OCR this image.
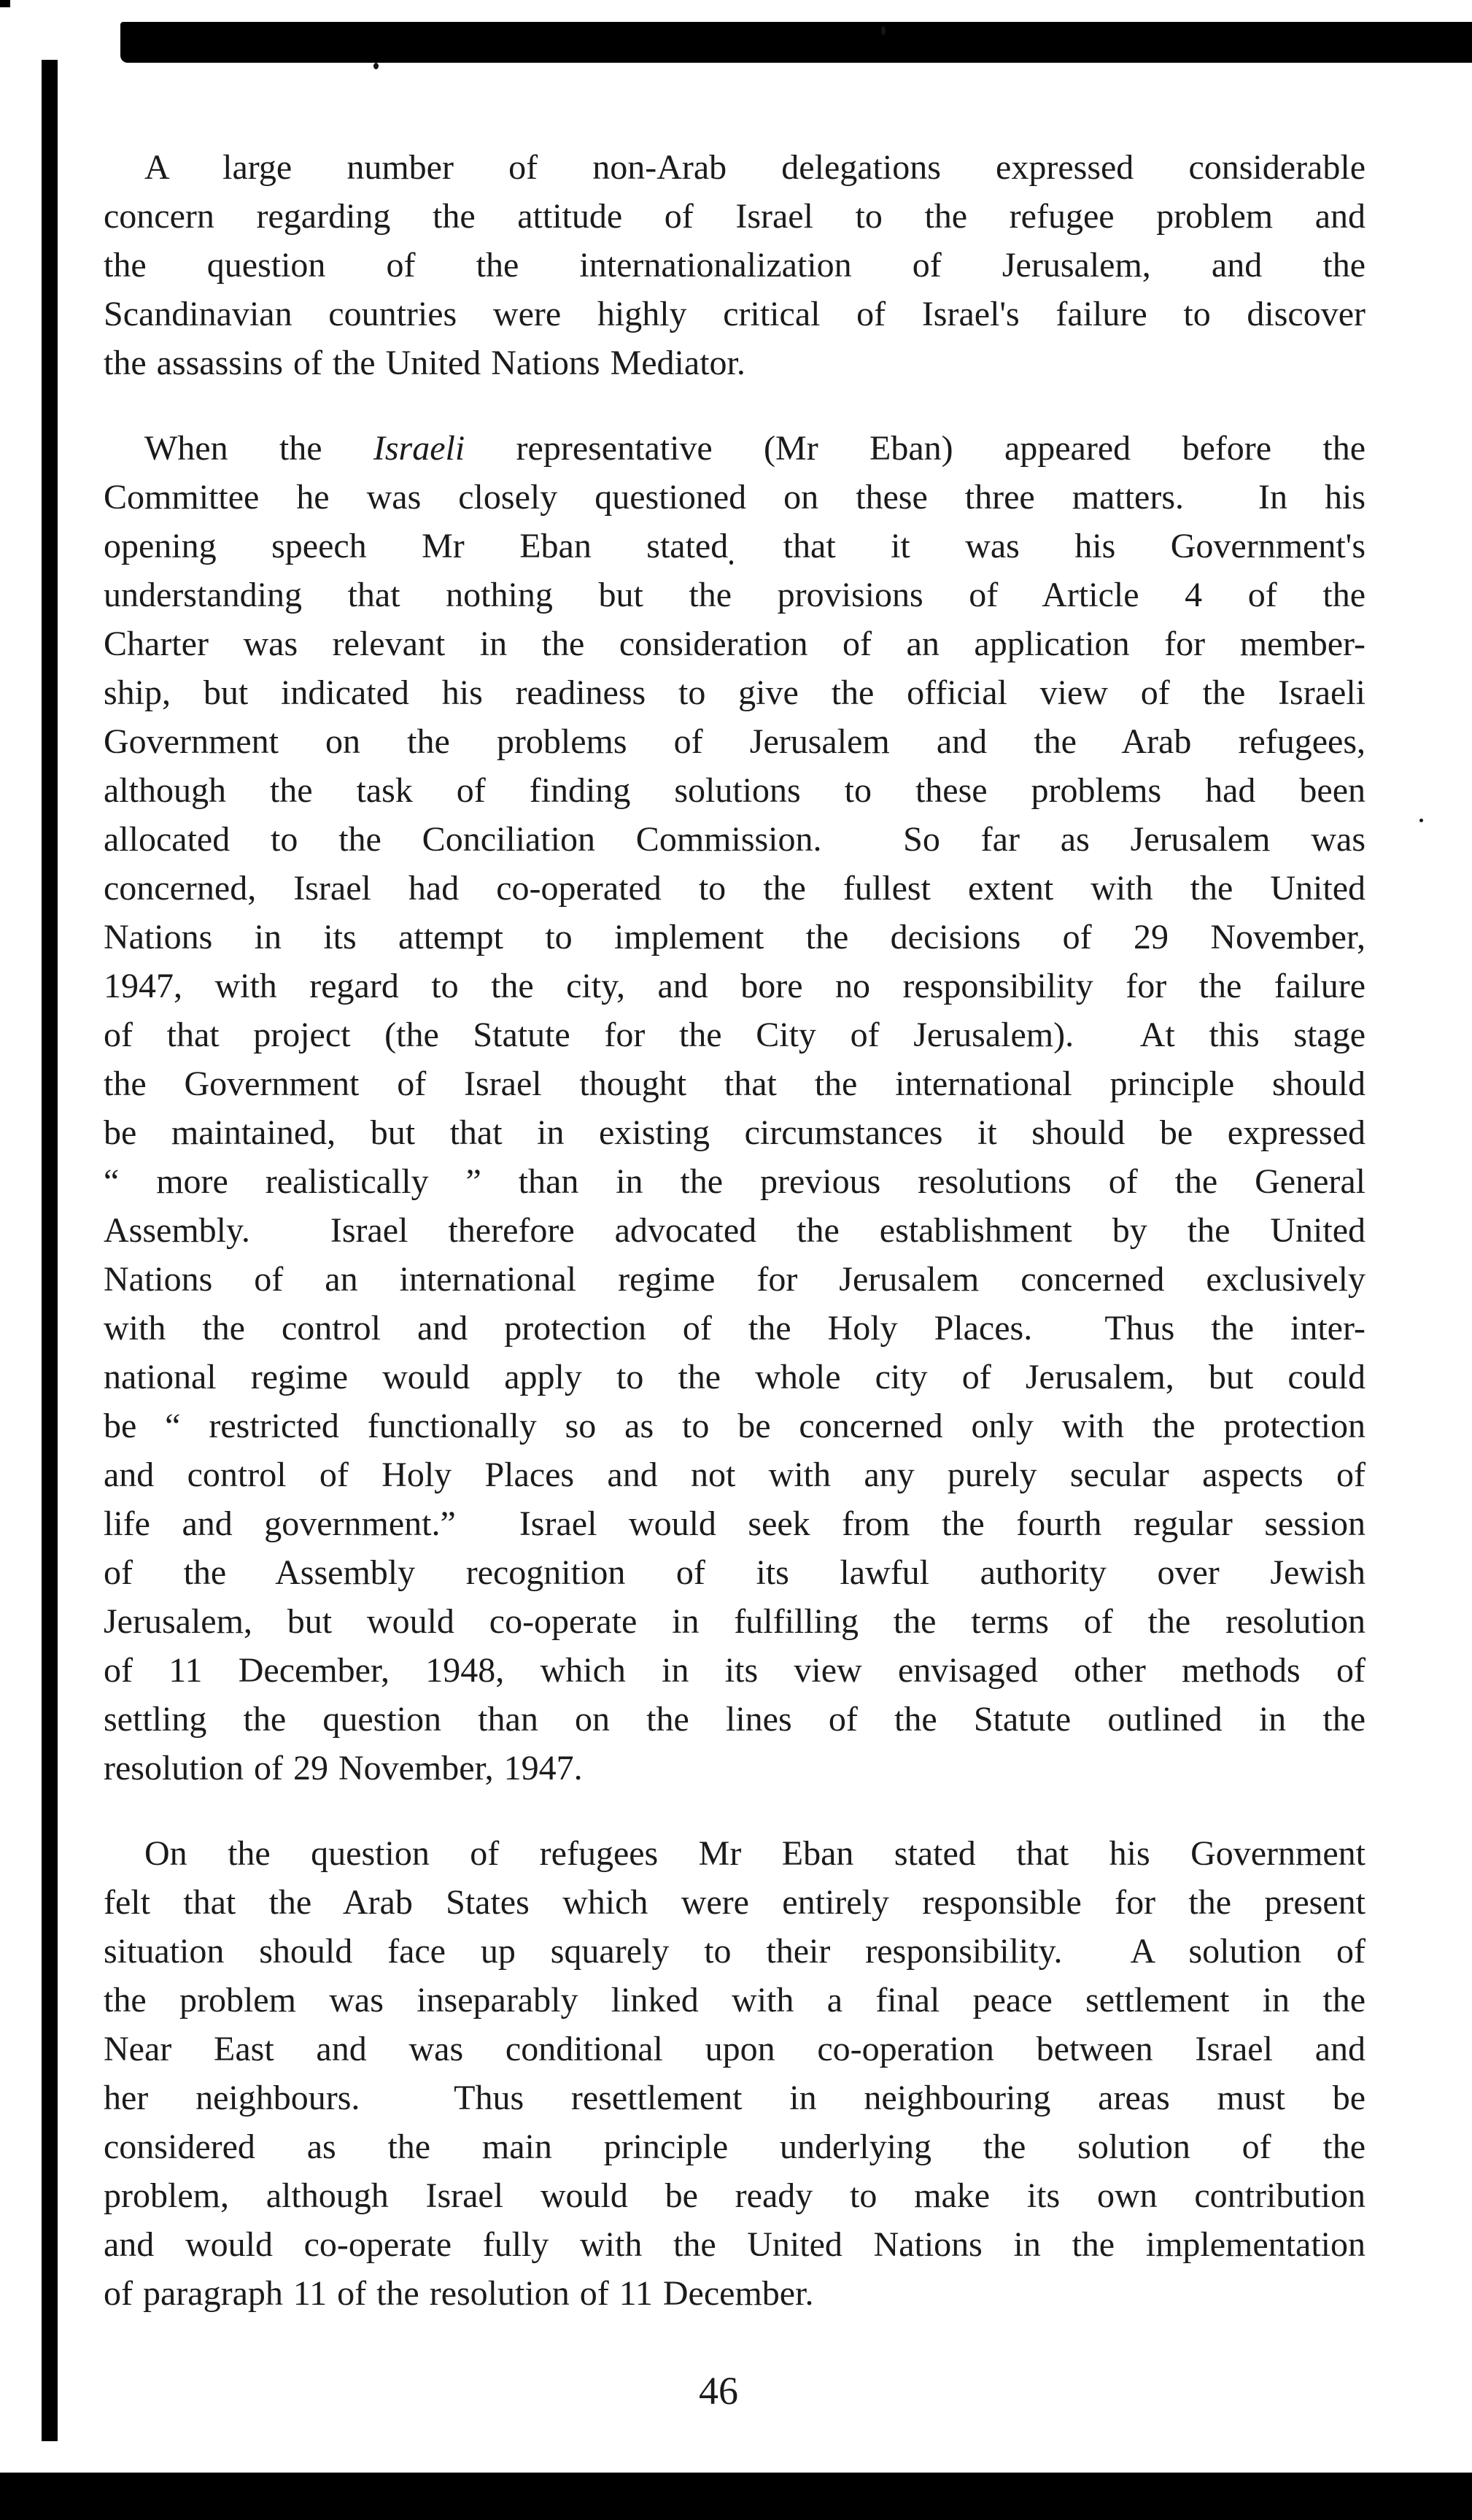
A large number of non-Arab delegations expressed considerable
concern regarding the attitude of Israel to the refugee problem and
the question of the internationalization of Jerusalem, and the
Scandinavian countries were highly critical of Israel's failure to discover
the assassins of the United Nations Mediator.
When the Israeli representative (Mr Eban) appeared before the
Committee he was closely questioned on these three matters.  In his
opening speech Mr Eban stated that it was his Government's
understanding that nothing but the provisions of Article 4 of the
Charter was relevant in the consideration of an application for member-
ship, but indicated his readiness to give the official view of the Israeli
Government on the problems of Jerusalem and the Arab refugees,
although the task of finding solutions to these problems had been
allocated to the Conciliation Commission.  So far as Jerusalem was
concerned, Israel had co-operated to the fullest extent with the United
Nations in its attempt to implement the decisions of 29 November,
1947, with regard to the city, and bore no responsibility for the failure
of that project (the Statute for the City of Jerusalem).  At this stage
the Government of Israel thought that the international principle should
be maintained, but that in existing circumstances it should be expressed
“ more realistically ” than in the previous resolutions of the General
Assembly.  Israel therefore advocated the establishment by the United
Nations of an international regime for Jerusalem concerned exclusively
with the control and protection of the Holy Places.  Thus the inter-
national regime would apply to the whole city of Jerusalem, but could
be “ restricted functionally so as to be concerned only with the protection
and control of Holy Places and not with any purely secular aspects of
life and government.”  Israel would seek from the fourth regular session
of the Assembly recognition of its lawful authority over Jewish
Jerusalem, but would co-operate in fulfilling the terms of the resolution
of 11 December, 1948, which in its view envisaged other methods of
settling the question than on the lines of the Statute outlined in the
resolution of 29 November, 1947.
On the question of refugees Mr Eban stated that his Government
felt that the Arab States which were entirely responsible for the present
situation should face up squarely to their responsibility.  A solution of
the problem was inseparably linked with a final peace settlement in the
Near East and was conditional upon co-operation between Israel and
her neighbours.  Thus resettlement in neighbouring areas must be
considered as the main principle underlying the solution of the
problem, although Israel would be ready to make its own contribution
and would co-operate fully with the United Nations in the implementation
of paragraph 11 of the resolution of 11 December.
46
